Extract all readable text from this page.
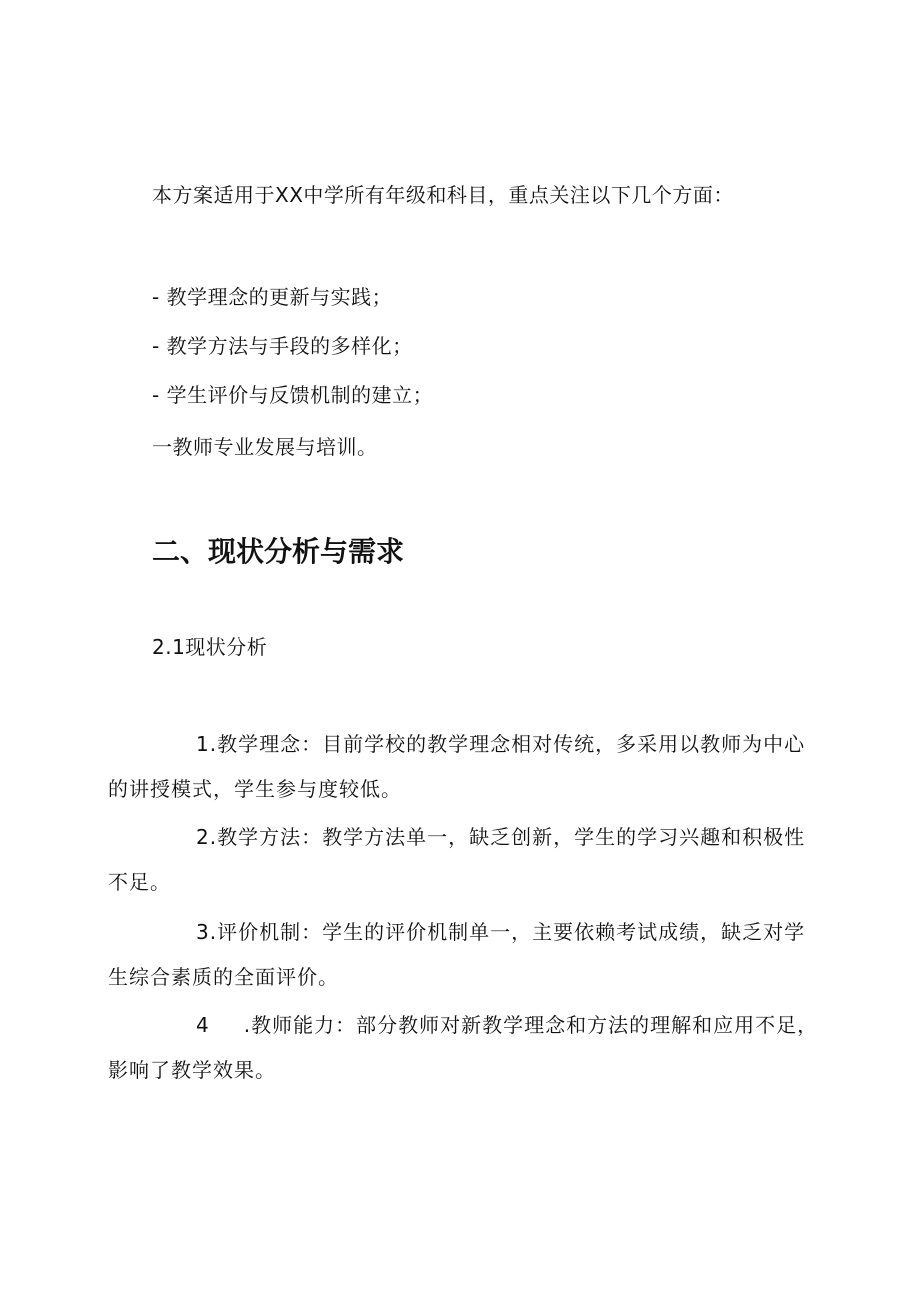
本方案适用于XX中学所有年级和科目，重点关注以下几个方面：
- 教学理念的更新与实践；
- 教学方法与手段的多样化；
- 学生评价与反馈机制的建立；
一教师专业发展与培训。
二、现状分析与需求
2.1现状分析
1.教学理念：目前学校的教学理念相对传统，多采用以教师为中心的讲授模式，学生参与度较低。
2.教学方法：教学方法单一，缺乏创新，学生的学习兴趣和积极性不足。
3.评价机制：学生的评价机制单一，主要依赖考试成绩，缺乏对学生综合素质的全面评价。
4 .教师能力：部分教师对新教学理念和方法的理解和应用不足，影响了教学效果。
